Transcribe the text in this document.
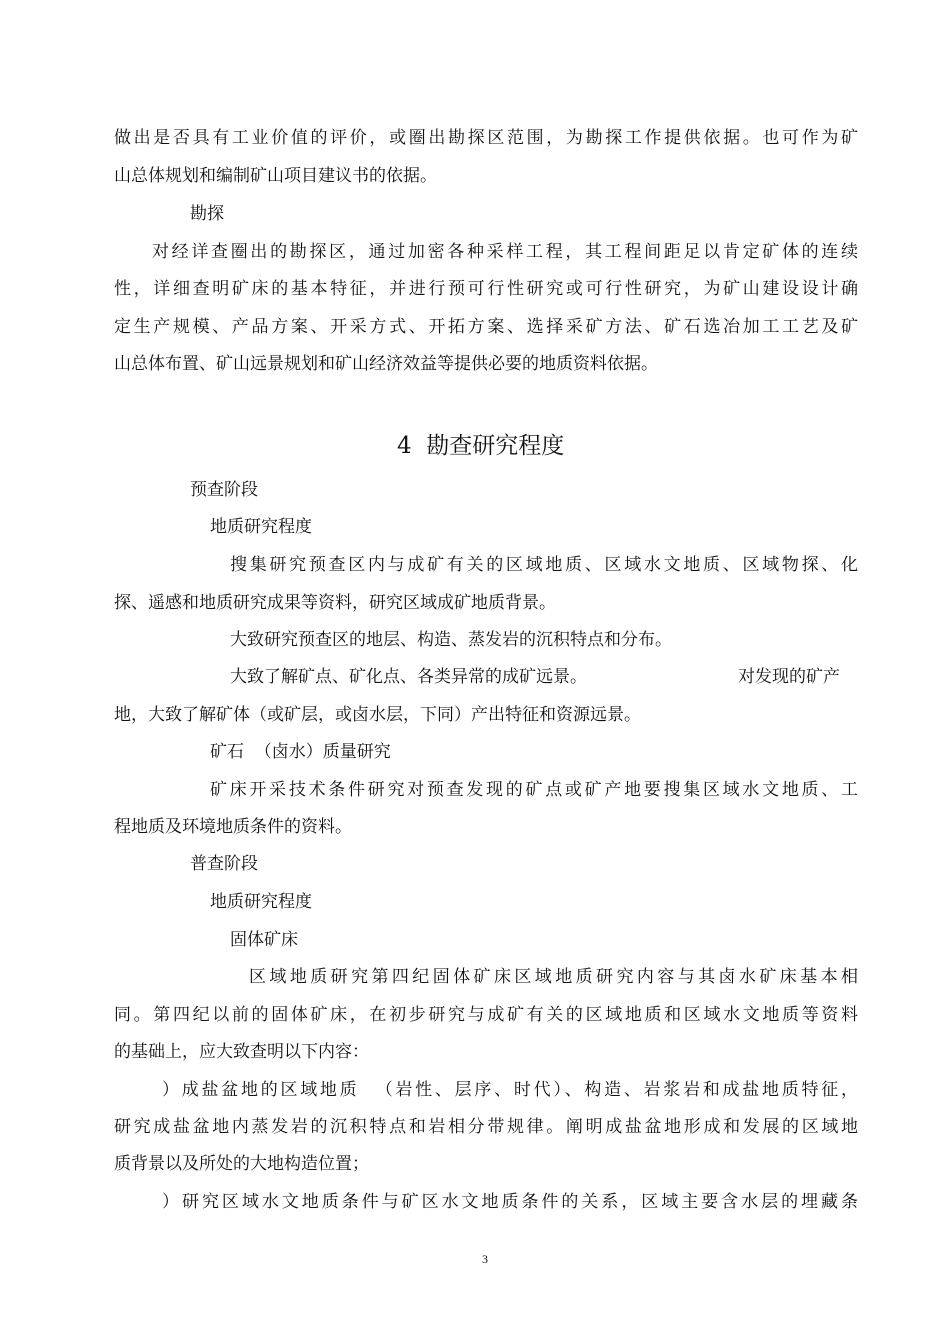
做出是否具有工业价值的评价，或圈出勘探区范围，为勘探工作提供依据。也可作为矿
山总体规划和编制矿山项目建议书的依据。
勘探
对经详查圈出的勘探区，通过加密各种采样工程，其工程间距足以肯定矿体的连续
性，详细查明矿床的基本特征，并进行预可行性研究或可行性研究，为矿山建设设计确
定生产规模、产品方案、开采方式、开拓方案、选择采矿方法、矿石选冶加工工艺及矿
山总体布置、矿山远景规划和矿山经济效益等提供必要的地质资料依据。
4  勘查研究程度
预查阶段
地质研究程度
搜集研究预查区内与成矿有关的区域地质、区域水文地质、区域物探、化
探、遥感和地质研究成果等资料，研究区域成矿地质背景。
大致研究预查区的地层、构造、蒸发岩的沉积特点和分布。
大致了解矿点、矿化点、各类异常的成矿远景。	对发现的矿产
地，大致了解矿体（或矿层，或卤水层，下同）产出特征和资源远景。
矿石  （卤水）质量研究
矿床开采技术条件研究对预查发现的矿点或矿产地要搜集区域水文地质、工
程地质及环境地质条件的资料。
普查阶段
地质研究程度
固体矿床
区域地质研究第四纪固体矿床区域地质研究内容与其卤水矿床基本相
同。第四纪以前的固体矿床，在初步研究与成矿有关的区域地质和区域水文地质等资料
的基础上，应大致查明以下内容：
）成盐盆地的区域地质  （岩性、层序、时代）、构造、岩浆岩和成盐地质特征，
研究成盐盆地内蒸发岩的沉积特点和岩相分带规律。阐明成盐盆地形成和发展的区域地
质背景以及所处的大地构造位置；
）研究区域水文地质条件与矿区水文地质条件的关系，区域主要含水层的埋藏条
3
